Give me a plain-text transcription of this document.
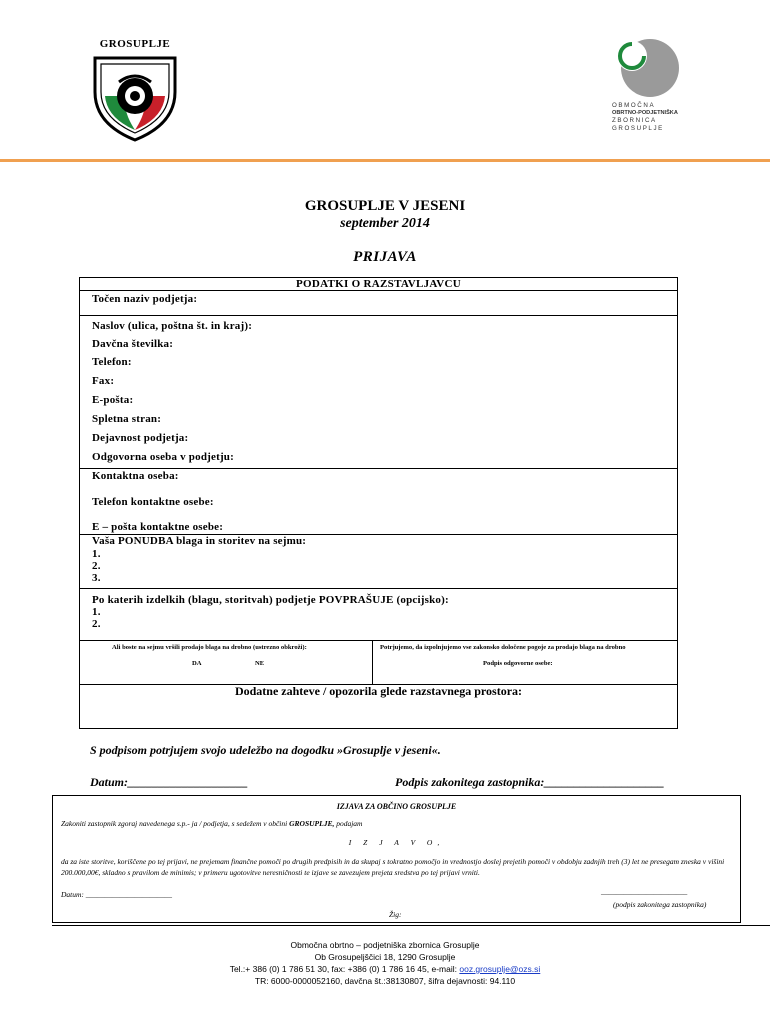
GROSUPLJE
OBMOČNA
OBRTNO-PODJETNIŠKA
ZBORNICA
GROSUPLJE
GROSUPLJE V JESENI
september 2014
PRIJAVA
PODATKI O RAZSTAVLJAVCU
Točen naziv podjetja:
Naslov (ulica, poštna št. in kraj):
Davčna številka:
Telefon:
Fax:
E-pošta:
Spletna stran:
Dejavnost podjetja:
Odgovorna oseba v podjetju:
Kontaktna oseba:
Telefon kontaktne osebe:
E – pošta kontaktne osebe:
Vaša PONUDBA blaga in storitev na sejmu:
1.
2.
3.
Po katerih izdelkih (blagu, storitvah) podjetje POVPRAŠUJE (opcijsko):
1.
2.
Ali boste na sejmu vršili prodajo blaga na drobno (ustrezno obkroži):
DA	NE
Potrjujemo, da izpolnjujemo vse zakonsko določene pogoje za prodajo blaga na drobno
Podpis odgovorne osebe:
Dodatne zahteve / opozorila glede razstavnega prostora:
S podpisom potrjujem svojo udeležbo na dogodku »Grosuplje v jeseni«.
Datum:____________________	Podpis zakonitega zastopnika:____________________
IZJAVA ZA OBČINO GROSUPLJE
Zakoniti zastopnik zgoraj navedenega s.p.- ja / podjetja, s sedežem v občini GROSUPLJE, podajam
I Z J A V O,
da za iste storitve, koriščene po tej prijavi, ne prejemam finančne pomoči po drugih predpisih in da skupaj s tokratno pomočjo in vrednostjo doslej prejetih pomoči v obdobju zadnjih treh (3) let ne presegam zneska v višini 200.000,00€, skladno s pravilom de minimis; v primeru ugotovitve neresničnosti te izjave se zavezujem prejeta sredstva po tej prijavi vrniti.
Datum: _______________________	_______________________
(podpis zakonitega zastopnika)
Žig:
Območna obrtno – podjetniška zbornica Grosuplje
Ob Grosupeljščici 18, 1290 Grosuplje
Tel.:+ 386 (0) 1 786 51 30, fax: +386 (0) 1 786 16 45, e-mail: ooz.grosuplje@ozs.si
TR: 6000-0000052160, davčna št.:38130807, šifra dejavnosti: 94.110
